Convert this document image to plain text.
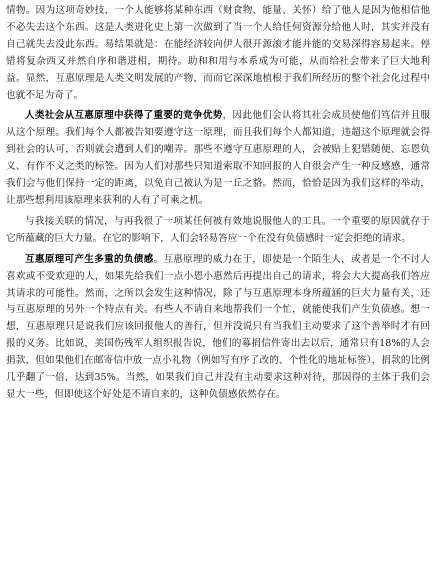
情物。因为这项奇妙技，一个人能够将某种东西（财食物、能量、关怀）给了他人是因为他相信他不必失去这个东西。这是人类进化史上第一次做到了当一个人给任何资源分给他人时，其实并没有自己就失去没此东西。易结果就是：在能经济较向伊人很开源滚才能并能的交易深得容易起来。停错将复杂西又并然自序和谐进相，期待。助和和用与本系成为可能，从而给社会带来了巨大地利益。显然，互惠原理是人类文明发展的产物，而而它深深地植根于我们所经历的整个社会化过程中也就不足为奇了。

人类社会从互惠原理中获得了重要的竞争优势，因此他们会认将其社会成员使他们笃信并且服从这个原理。我们每个人都被告知要遵守这一原理，而且我们每个人都知道，违超这个原理就会得到社会的认可，否则就会遭到人们的嘲弄。那些不遵守互惠原理的人，会被贴上犯错随便、忘恩负义、有作不义之类的标签。因为人们对那些只知道索取不知回报的人自很会产生一种反感感，通常我们会与他们保持一定的距离，以免自己被认为是一丘之貉。然而，恰恰是因为我们这样的举动，让那些想利用该原理来获利的人有了可乘之机。

与我接关联的情况，与再我很了一项某任何被有效地说服他人的工具。一个重要的原因就存于它所蕴藏的巨大力量。在它的影响下，人们会轻易答应一个在没有负债感时一定会拒绝的请求。

互惠原理可产生多重的负债感。互惠原理的威力在于，即使是一个陌生人，或者是一个不讨人喜欢或不受欢迎的人，如果先给我们一点小恩小惠然后再提出自己的请求，将会大大提高我们答应其请求的可能性。然而，之所以会发生这种情况，除了与互惠原理本身所蕴涵的巨大力量有关，还与互惠原理的另外一个特点有关。有些人不请自来地帮我们一个忙，就能使我们产生负债感。想一想，互惠原理只是说我们应该回报他人的善行，但并没说只有当我们主动要求了这个善举时才有回报的义务。比如说，美国伤残军人组织报告说，他们的募捐信件寄出去以后，通常只有18%的人会捐款，但如果他们在邮寄信中放一点小礼物（例如写有序了改的、个性化的地址标签），捐款的比例几乎翻了一倍，达到35%。当然，如果我们自己并没有主动要求这种对待，那因得的主体于我们会显大一些，但即使这个好处是不请自来的，这种负债感依然存在。
